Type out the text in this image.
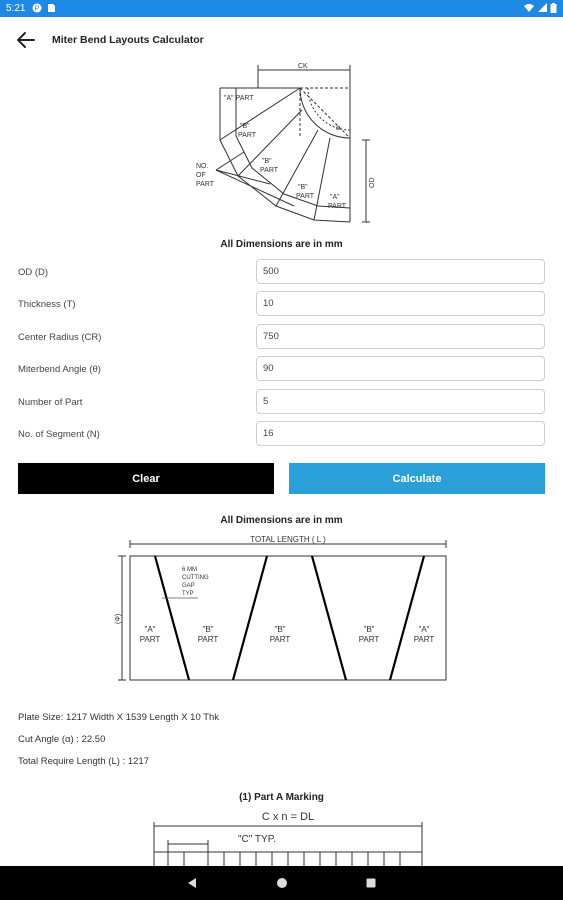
5:21 P
Miter Bend Layouts Calculator
CK
"A" PART
"B"
PART
"B"
PART
"B"
PART "A"
PART
NO.
OF
PART
α
OD
All Dimensions are in mm
OD (D)
500
Thickness (T)
10
Center Radius (CR)
750
Miterbend Angle (θ)
90
Number of Part
5
No. of Segment (N)
16
Clear	Calculate
All Dimensions are in mm
TOTAL LENGTH ( L )
6 MM
CUTTING
GAP
TYP
(Φ)
"A"
PART
"B"
PART
"B"
PART
"B"
PART
"A"
PART
Plate Size: 1217 Width X 1539 Length X 10 Thk
Cut Angle (α) : 22.50
Total Require Length (L) : 1217
(1) Part A Marking
C x n = DL
"C" TYP.
